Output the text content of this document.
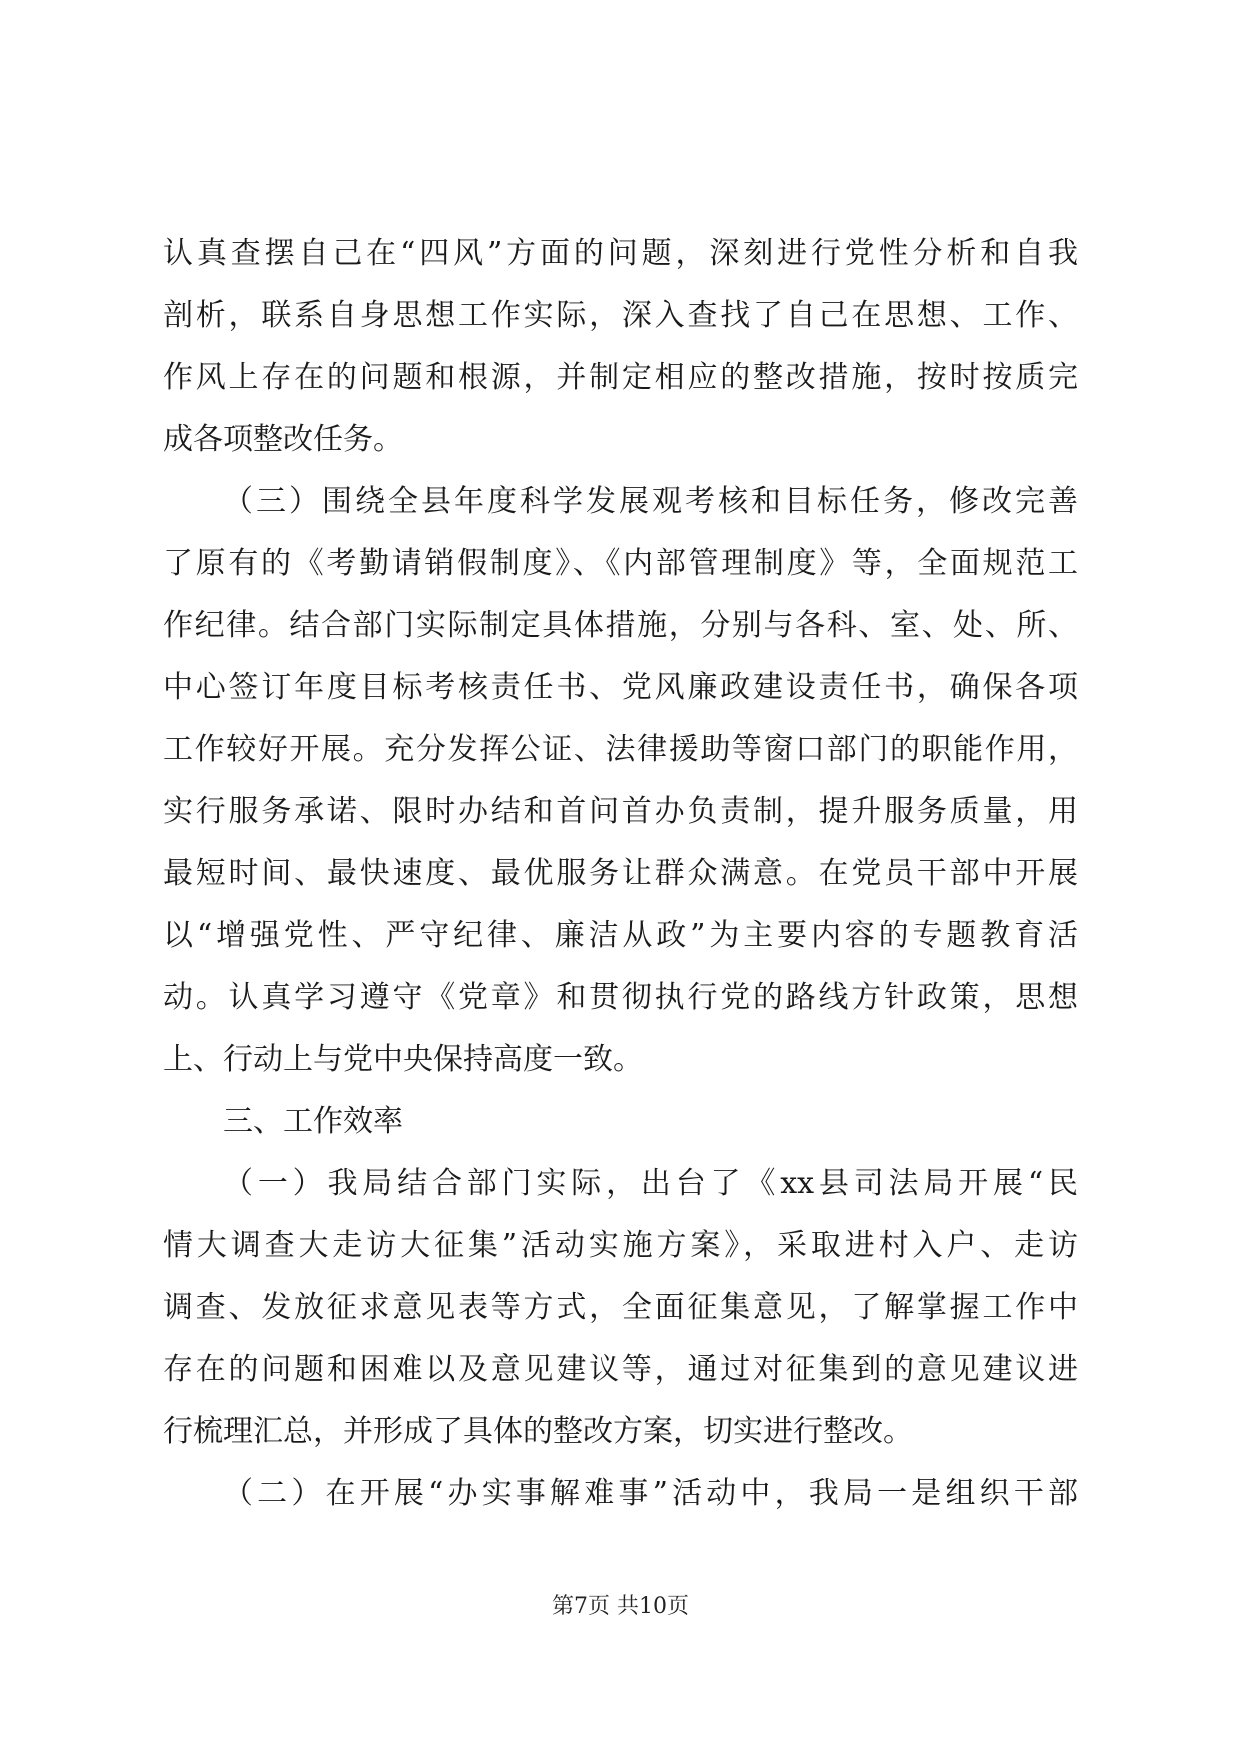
认真查摆自己在“四风”方面的问题，深刻进行党性分析和自我
剖析，联系自身思想工作实际，深入查找了自己在思想、工作、
作风上存在的问题和根源，并制定相应的整改措施，按时按质完
成各项整改任务。
（三）围绕全县年度科学发展观考核和目标任务，修改完善
了原有的《考勤请销假制度》、《内部管理制度》等，全面规范工
作纪律。结合部门实际制定具体措施，分别与各科、室、处、所、
中心签订年度目标考核责任书、党风廉政建设责任书，确保各项
工作较好开展。充分发挥公证、法律援助等窗口部门的职能作用，
实行服务承诺、限时办结和首问首办负责制，提升服务质量，用
最短时间、最快速度、最优服务让群众满意。在党员干部中开展
以“增强党性、严守纪律、廉洁从政”为主要内容的专题教育活
动。认真学习遵守《党章》和贯彻执行党的路线方针政策，思想
上、行动上与党中央保持高度一致。
三、工作效率
（一）我局结合部门实际，出台了《xx县司法局开展“民
情大调查大走访大征集”活动实施方案》，采取进村入户、走访
调查、发放征求意见表等方式，全面征集意见，了解掌握工作中
存在的问题和困难以及意见建议等，通过对征集到的意见建议进
行梳理汇总，并形成了具体的整改方案，切实进行整改。
（二）在开展“办实事解难事”活动中，我局一是组织干部
第7页 共10页
